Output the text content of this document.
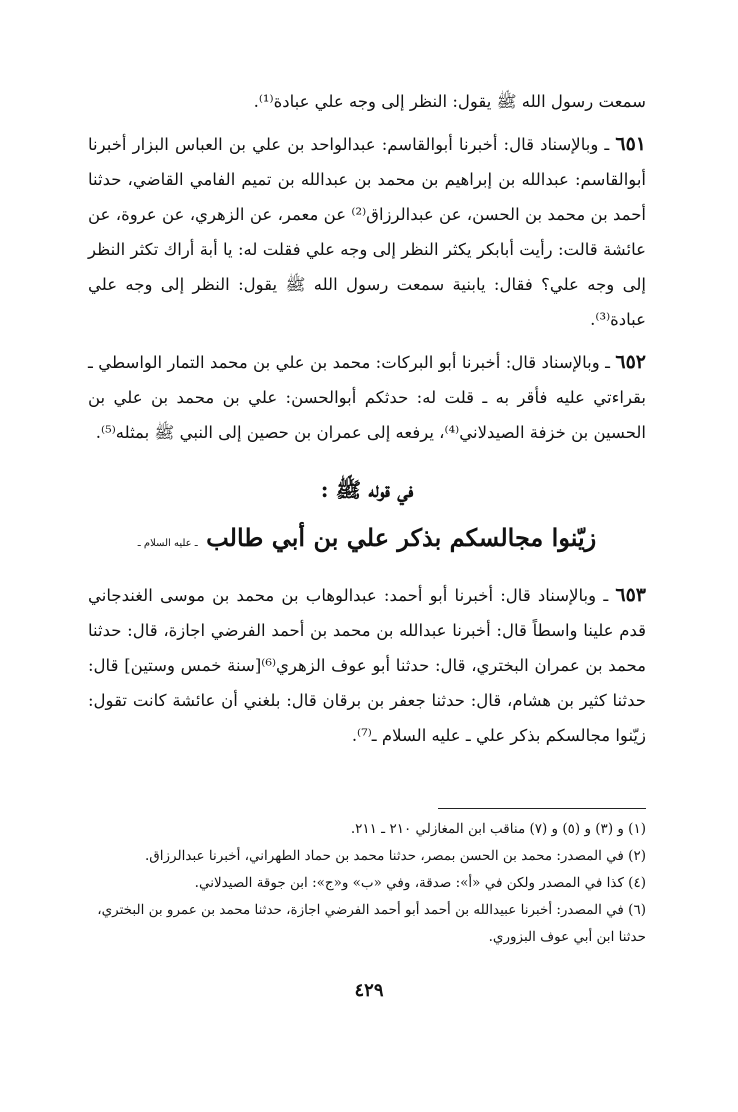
سمعت رسول الله ﷺ يقول: النظر إلى وجه علي عبادة⁽¹⁾.

٦٥١ ـ وبالإسناد قال: أخبرنا أبوالقاسم: عبدالواحد بن علي بن العباس البزار أخبرنا أبوالقاسم: عبدالله بن إبراهيم بن محمد بن عبدالله بن تميم الفامي القاضي، حدثنا أحمد بن محمد بن الحسن، عن عبدالرزاق⁽²⁾ عن معمر، عن الزهري، عن عروة، عن عائشة قالت: رأيت أبابكر يكثر النظر إلى وجه علي فقلت له: يا أبة أراك تكثر النظر إلى وجه علي؟ فقال: يابنية سمعت رسول الله ﷺ يقول: النظر إلى وجه علي عبادة⁽³⁾.

٦٥٢ ـ وبالإسناد قال: أخبرنا أبو البركات: محمد بن علي بن محمد التمار الواسطي ـ بقراءتي عليه فأقر به ـ قلت له: حدثكم أبوالحسن: علي بن محمد بن علي بن الحسين بن خزفة الصيدلاني⁽⁴⁾، يرفعه إلى عمران بن حصين إلى النبي ﷺ بمثله⁽⁵⁾.

في قوله ﷺ :
زيّنوا مجالسكم بذكر علي بن أبي طالب ـ عليه السلام ـ

٦٥٣ ـ وبالإسناد قال: أخبرنا أبو أحمد: عبدالوهاب بن محمد بن موسى الغندجاني قدم علينا واسطاً قال: أخبرنا عبدالله بن محمد بن أحمد الفرضي اجازة، قال: حدثنا محمد بن عمران البختري، قال: حدثنا أبو عوف الزهري⁽⁶⁾[سنة خمس وستين] قال: حدثنا كثير بن هشام، قال: حدثنا جعفر بن برقان قال: بلغني أن عائشة كانت تقول: زيّنوا مجالسكم بذكر علي ـ عليه السلام ـ⁽⁷⁾.

(١) و (٣) و (٥) و (٧) مناقب ابن المغازلي ٢١٠ ـ ٢١١.

(٢) في المصدر: محمد بن الحسن بمصر، حدثنا محمد بن حماد الطهراني، أخبرنا عبدالرزاق.

(٤) كذا في المصدر ولكن في «أ»: صدقة، وفي «ب» و«ج»: ابن جوقة الصيدلاني.

(٦) في المصدر: أخبرنا عبيدالله بن أحمد أبو أحمد الفرضي اجازة، حدثنا محمد بن عمرو بن البختري، حدثنا ابن أبي عوف البزوري.

٤٢٩
